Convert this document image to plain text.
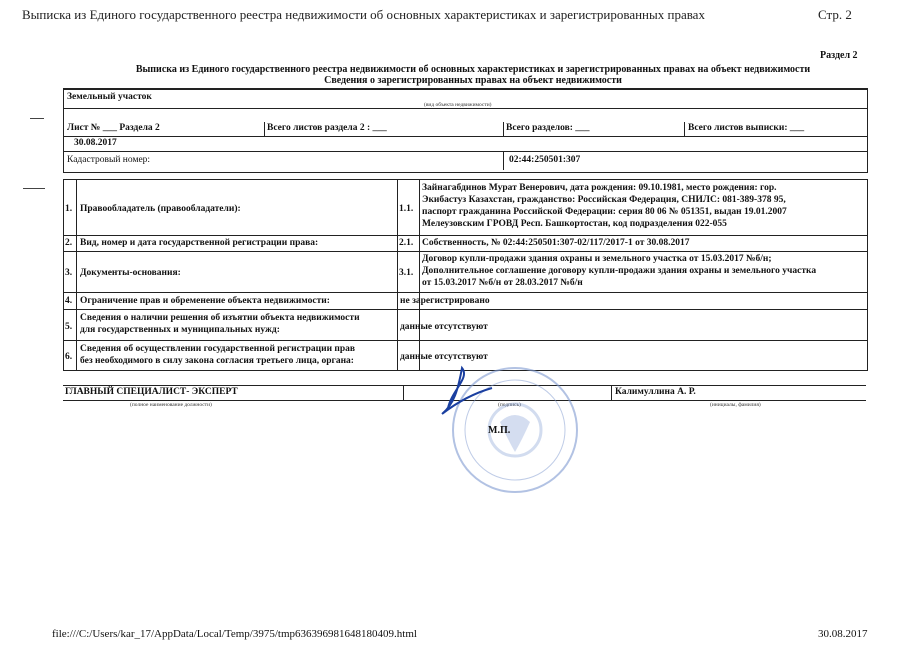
Выписка из Единого государственного реестра недвижимости об основных характеристиках и зарегистрированных правах	Стр. 2
Раздел 2
Выписка из Единого государственного реестра недвижимости об основных характеристиках и зарегистрированных правах на объект недвижимости
Сведения о зарегистрированных правах на объект недвижимости
Земельный участок
(вид объекта недвижимости)
Лист № ___ Раздела 2	Всего листов раздела 2 : ___	Всего разделов: ___	Всего листов выписки: ___
30.08.2017
Кадастровый номер:	02:44:250501:307
1. Правообладатель (правообладатели):	1.1.
Зайнагабдинов Мурат Венерович, дата рождения: 09.10.1981, место рождения: гор.
Экибастуз Казахстан, гражданство: Российская Федерация, СНИЛС: 081-389-378 95,
паспорт гражданина Российской Федерации: серия 80 06 № 051351, выдан 19.01.2007
Мелеузовским ГРОВД Респ. Башкортостан, код подразделения 022-055
2. Вид, номер и дата государственной регистрации права:	2.1. Собственность, № 02:44:250501:307-02/117/2017-1 от 30.08.2017
3. Документы-основания:	3.1.
Договор купли-продажи здания охраны и земельного участка от 15.03.2017 №б/н;
Дополнительное соглашение договору купли-продажи здания охраны и земельного участка
от 15.03.2017 №б/н от 28.03.2017 №б/н
4. Ограничение прав и обременение объекта недвижимости:	не зарегистрировано
5.
Сведения о наличии решения об изъятии объекта недвижимости
для государственных и муниципальных нужд:	данные отсутствуют
6.
Сведения об осуществлении государственной регистрации прав
без необходимого в силу закона согласия третьего лица, органа:	данные отсутствуют
ГЛАВНЫЙ СПЕЦИАЛИСТ- ЭКСПЕРТ	Калимуллина А. Р.
(полное наименование должности)	(подпись)	(инициалы, фамилия)
М.П.
file:///C:/Users/kar_17/AppData/Local/Temp/3975/tmp636396981648180409.html	30.08.2017
